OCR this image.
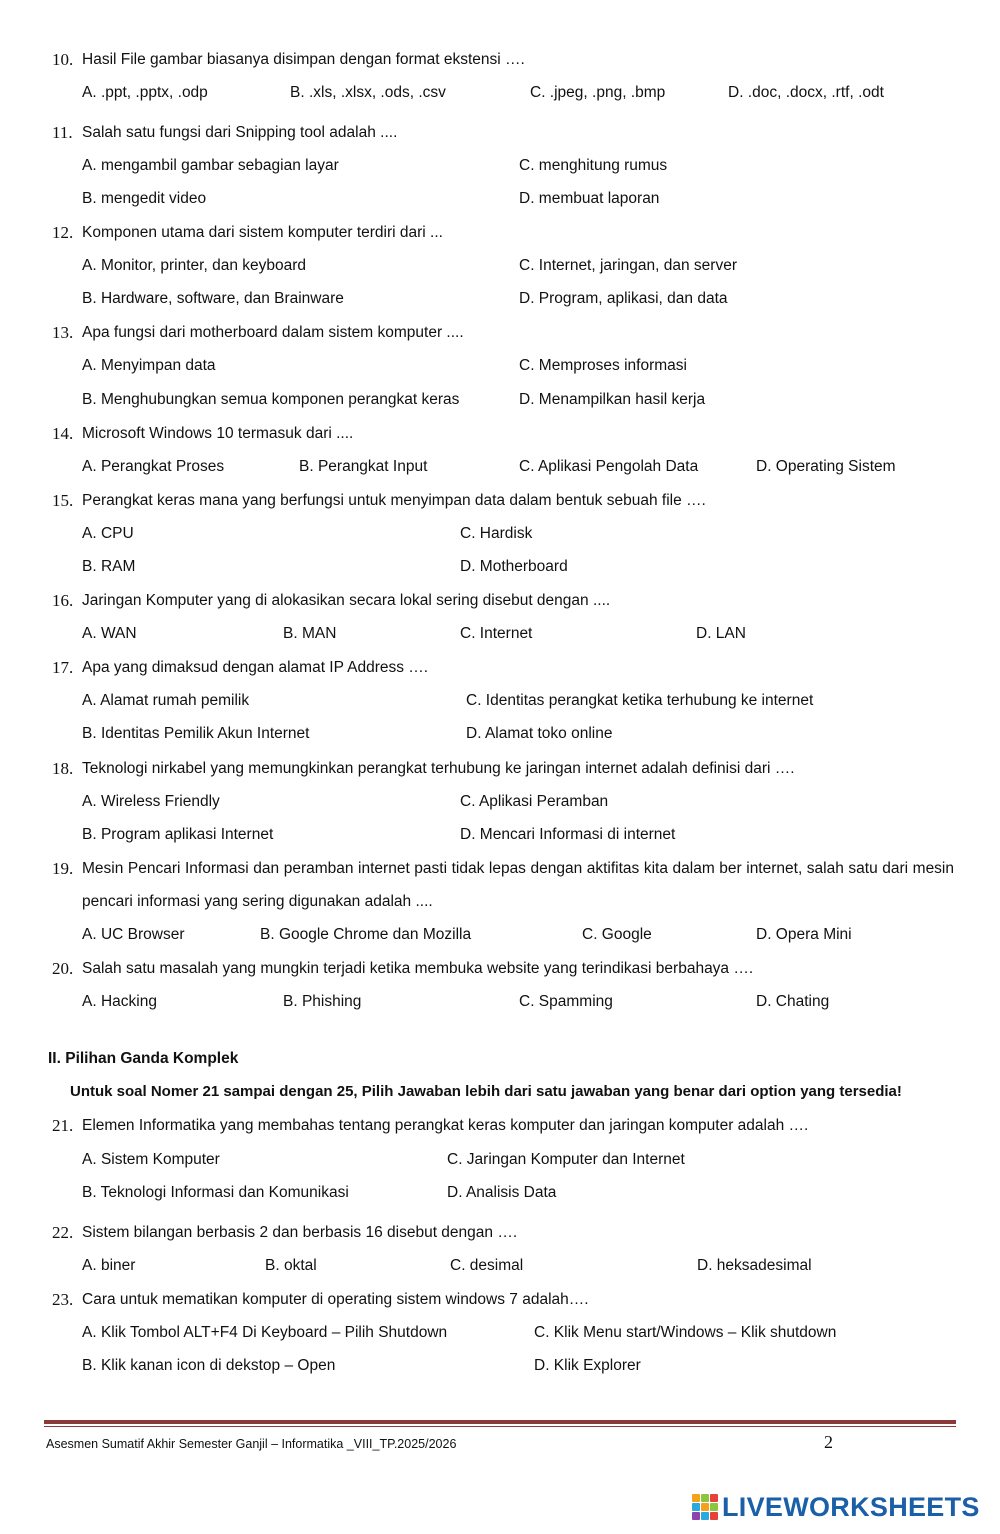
10. Hasil File gambar biasanya disimpan dengan format ekstensi ….
A. .ppt, .pptx, .odp	B. .xls, .xlsx, .ods, .csv	C. .jpeg, .png, .bmp	D. .doc, .docx, .rtf, .odt
11. Salah satu fungsi dari Snipping tool adalah ....
A. mengambil gambar sebagian layar
B. mengedit video
C. menghitung rumus
D. membuat laporan
12. Komponen utama dari sistem komputer terdiri dari ...
A. Monitor, printer, dan keyboard
B. Hardware, software, dan Brainware
C. Internet, jaringan, dan server
D. Program, aplikasi, dan data
13. Apa fungsi dari motherboard dalam sistem komputer ....
A. Menyimpan data
B. Menghubungkan semua komponen perangkat keras
C. Memproses informasi
D. Menampilkan hasil kerja
14. Microsoft Windows 10 termasuk dari ....
A. Perangkat Proses	B. Perangkat Input	C. Aplikasi Pengolah Data	D. Operating Sistem
15. Perangkat keras mana yang berfungsi untuk menyimpan data dalam bentuk sebuah file ….
A. CPU
B. RAM
C. Hardisk
D. Motherboard
16. Jaringan Komputer yang di alokasikan secara lokal sering disebut dengan ....
A. WAN	B. MAN	C. Internet	D. LAN
17. Apa yang dimaksud dengan alamat IP Address ….
A. Alamat rumah pemilik
B. Identitas Pemilik Akun Internet
C. Identitas perangkat ketika terhubung ke internet
D. Alamat toko online
18. Teknologi nirkabel yang memungkinkan perangkat terhubung ke jaringan internet adalah definisi dari ….
A. Wireless Friendly
B. Program aplikasi Internet
C. Aplikasi Peramban
D. Mencari Informasi di internet
19. Mesin Pencari Informasi dan peramban internet pasti tidak lepas dengan aktifitas kita dalam ber internet, salah satu dari mesin pencari informasi yang sering digunakan adalah ....
A. UC Browser	B. Google Chrome dan Mozilla	C. Google	D. Opera Mini
20. Salah satu masalah yang mungkin terjadi ketika membuka website yang terindikasi berbahaya ….
A. Hacking	B. Phishing	C. Spamming	D. Chating
II. Pilihan Ganda Komplek
Untuk soal Nomer 21 sampai dengan 25, Pilih Jawaban lebih dari satu jawaban yang benar dari option yang tersedia!
21. Elemen Informatika yang membahas tentang perangkat keras komputer dan jaringan komputer adalah ….
A. Sistem Komputer
B. Teknologi Informasi dan Komunikasi
C. Jaringan Komputer dan Internet
D. Analisis Data
22. Sistem bilangan berbasis 2 dan berbasis 16 disebut dengan ….
A. biner	B. oktal	C. desimal	D. heksadesimal
23. Cara untuk mematikan komputer di operating sistem windows 7 adalah….
A. Klik Tombol ALT+F4 Di Keyboard – Pilih Shutdown
B. Klik kanan icon di dekstop – Open
C. Klik Menu start/Windows – Klik shutdown
D. Klik Explorer
Asesmen Sumatif Akhir Semester Ganjil – Informatika _VIII_TP.2025/2026	2
LIVEWORKSHEETS
